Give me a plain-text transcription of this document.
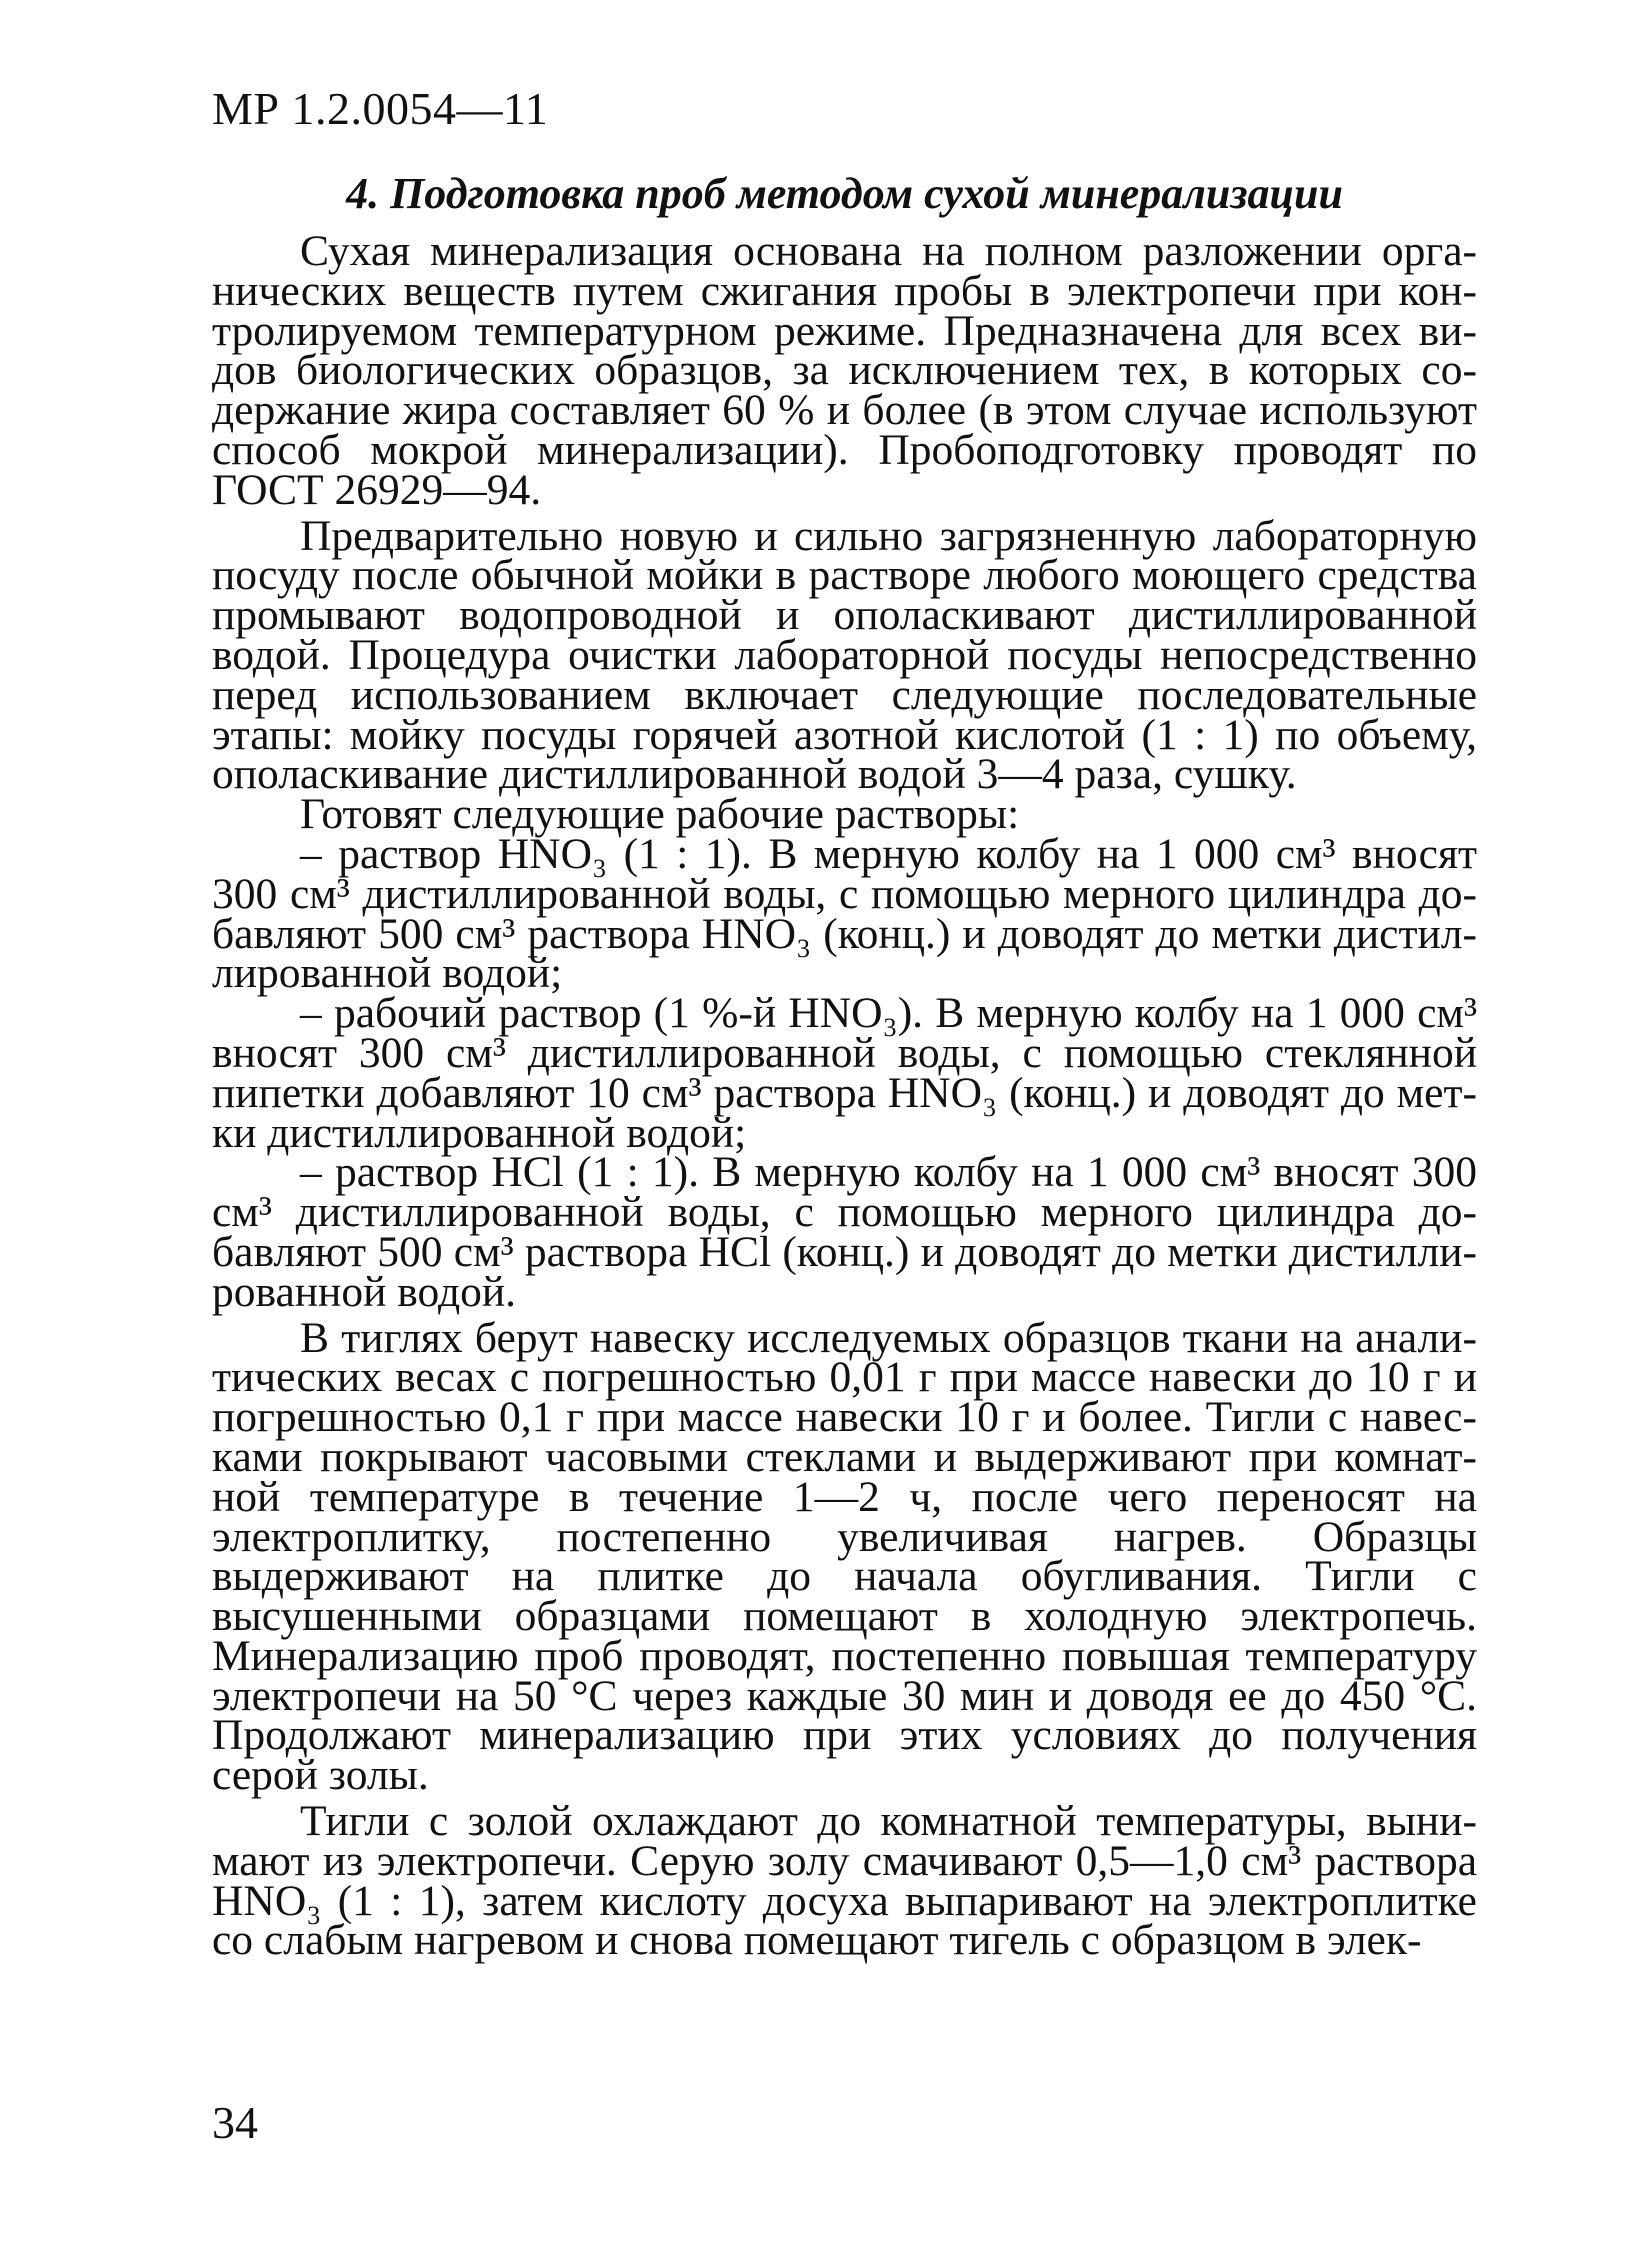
МР 1.2.0054—11
4. Подготовка проб методом сухой минерализации

Сухая минерализация основана на полном разложении органических веществ путем сжигания пробы в электропечи при контролируемом температурном режиме. Предназначена для всех видов биологических образцов, за исключением тех, в которых содержание жира составляет 60 % и более (в этом случае используют способ мокрой минерализации). Пробоподготовку проводят по ГОСТ 26929—94.

Предварительно новую и сильно загрязненную лабораторную посуду после обычной мойки в растворе любого моющего средства промывают водопроводной и ополаскивают дистиллированной водой. Процедура очистки лабораторной посуды непосредственно перед использованием включает следующие последовательные этапы: мойку посуды горячей азотной кислотой (1 : 1) по объему, ополаскивание дистиллированной водой 3—4 раза, сушку.

Готовят следующие рабочие растворы:

– раствор HNO₃ (1 : 1). В мерную колбу на 1 000 см³ вносят 300 см³ дистиллированной воды, с помощью мерного цилиндра добавляют 500 см³ раствора HNO₃ (конц.) и доводят до метки дистиллированной водой;

– рабочий раствор (1 %-й HNO₃). В мерную колбу на 1 000 см³ вносят 300 см³ дистиллированной воды, с помощью стеклянной пипетки добавляют 10 см³ раствора HNO₃ (конц.) и доводят до метки дистиллированной водой;

– раствор HCl (1 : 1). В мерную колбу на 1 000 см³ вносят 300 см³ дистиллированной воды, с помощью мерного цилиндра добавляют 500 см³ раствора HCl (конц.) и доводят до метки дистиллированной водой.

В тиглях берут навеску исследуемых образцов ткани на аналитических весах с погрешностью 0,01 г при массе навески до 10 г и погрешностью 0,1 г при массе навески 10 г и более. Тигли с навесками покрывают часовыми стеклами и выдерживают при комнатной температуре в течение 1—2 ч, после чего переносят на электроплитку, постепенно увеличивая нагрев. Образцы выдерживают на плитке до начала обугливания. Тигли с высушенными образцами помещают в холодную электропечь. Минерализацию проб проводят, постепенно повышая температуру электропечи на 50 °С через каждые 30 мин и доводя ее до 450 °С. Продолжают минерализацию при этих условиях до получения серой золы.

Тигли с золой охлаждают до комнатной температуры, вынимают из электропечи. Серую золу смачивают 0,5—1,0 см³ раствора HNO₃ (1 : 1), затем кислоту досуха выпаривают на электроплитке со слабым нагревом и снова помещают тигель с образцом в элек-

34
